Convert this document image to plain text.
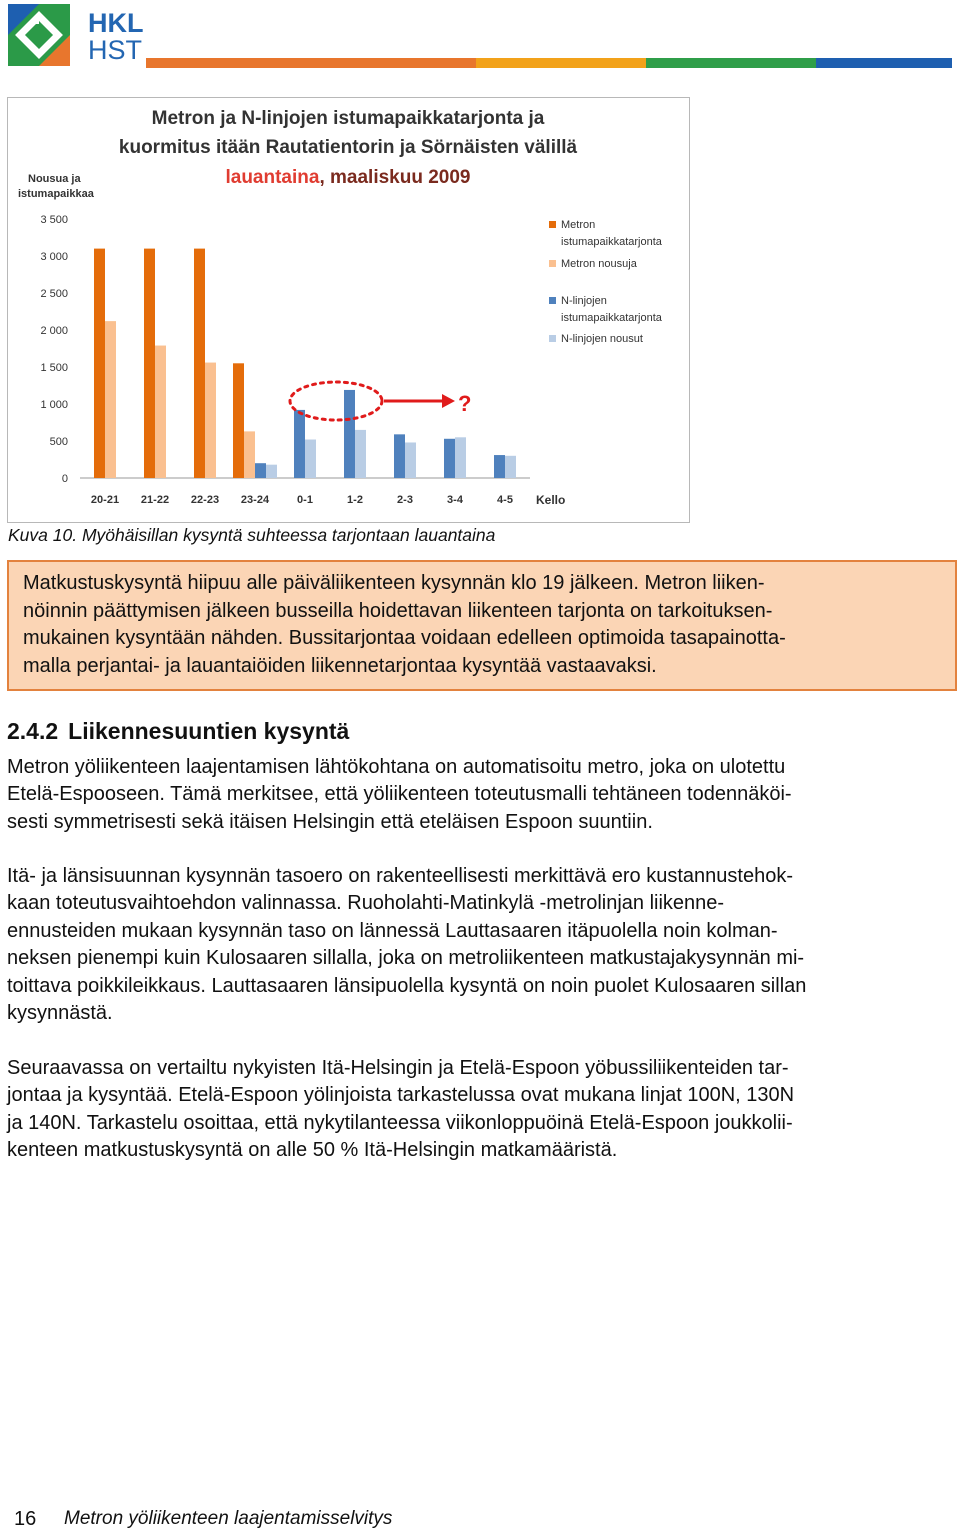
HKL
HST
Metron ja N-linjojen istumapaikkatarjonta ja
kuormitus itään Rautatientorin ja Sörnäisten välillä
lauantaina, maaliskuu 2009
Nousua ja
istumapaikkaa
Kello
0
500
1 000
1 500
2 000
2 500
3 000
3 500
20-21 21-22 22-23 23-24	0-1	1-2	2-3	3-4	4-5
Metron
istumapaikkatarjonta
Metron nousuja
N-linjojen
istumapaikkatarjonta
N-linjojen nousut
?
Kuva 10. Myöhäisillan kysyntä suhteessa tarjontaan lauantaina

Matkustuskysyntä hiipuu alle päiväliikenteen kysynnän klo 19 jälkeen. Metron liiken-

nöinnin päättymisen jälkeen busseilla hoidettavan liikenteen tarjonta on tarkoituksen-

mukainen kysyntään nähden. Bussitarjontaa voidaan edelleen optimoida tasapainotta-

malla perjantai- ja lauantaiöiden liikennetarjontaa kysyntää vastaavaksi.

2.4.2 Liikennesuuntien kysyntä
Metron yöliikenteen laajentamisen lähtökohtana on automatisoitu metro, joka on ulotettu
Etelä-Espooseen. Tämä merkitsee, että yöliikenteen toteutusmalli tehtäneen todennäköi-
sesti symmetrisesti sekä itäisen Helsingin että eteläisen Espoon suuntiin.
Itä- ja länsisuunnan kysynnän tasoero on rakenteellisesti merkittävä ero kustannustehok-
kaan toteutusvaihtoehdon valinnassa. Ruoholahti-Matinkylä -metrolinjan liikenne-
ennusteiden mukaan kysynnän taso on lännessä Lauttasaaren itäpuolella noin kolman-
neksen pienempi kuin Kulosaaren sillalla, joka on metroliikenteen matkustajakysynnän mi-
toittava poikkileikkaus. Lauttasaaren länsipuolella kysyntä on noin puolet Kulosaaren sillan
kysynnästä.
Seuraavassa on vertailtu nykyisten Itä-Helsingin ja Etelä-Espoon yöbussiliikenteiden tar-
jontaa ja kysyntää. Etelä-Espoon yölinjoista tarkastelussa ovat mukana linjat 100N, 130N
ja 140N. Tarkastelu osoittaa, että nykytilanteessa viikonloppuöinä Etelä-Espoon joukkolii-
kenteen matkustuskysyntä on alle 50 % Itä-Helsingin matkamääristä.
16 Metron yöliikenteen laajentamisselvitys
